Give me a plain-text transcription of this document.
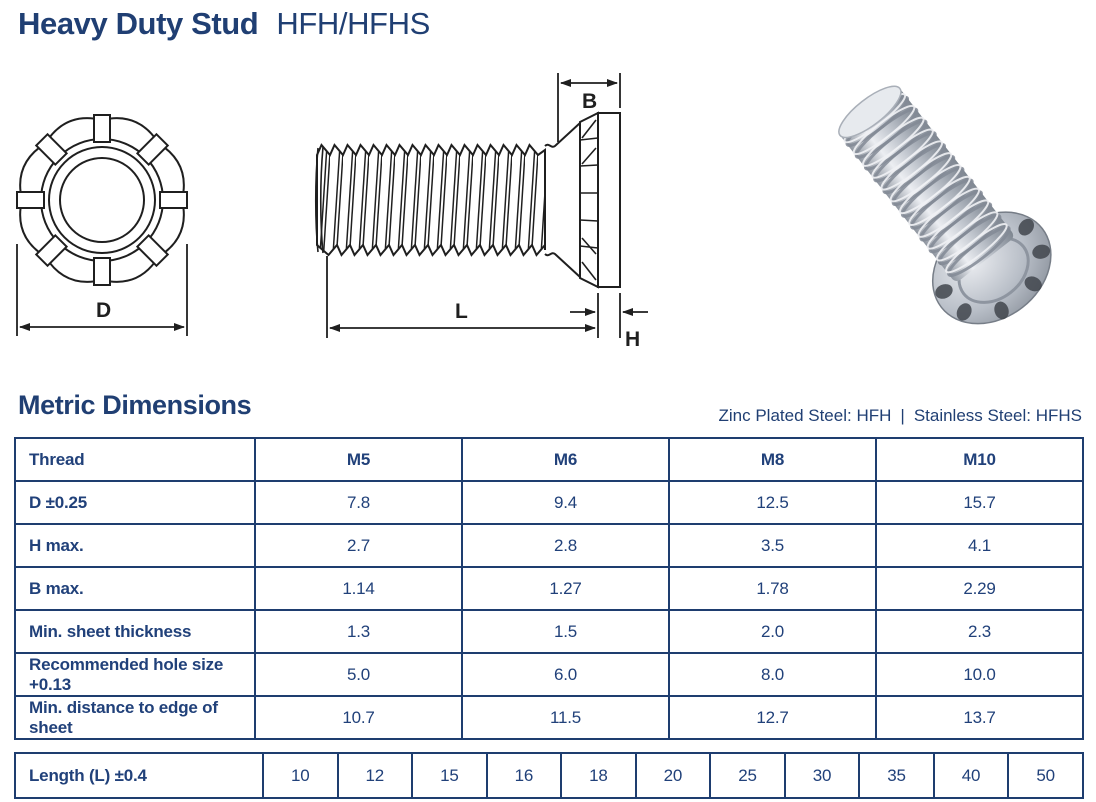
Heavy Duty Stud HFH/HFHS
D
B
L
H
Metric Dimensions	Zinc Plated Steel: HFH | Stainless Steel: HFHS
Thread	M5	M6	M8	M10
D ±0.25	7.8	9.4	12.5	15.7
H max.	2.7	2.8	3.5	4.1
B max.	1.14	1.27	1.78	2.29
Min. sheet thickness	1.3	1.5	2.0	2.3
Recommended hole size +0.13	5.0	6.0	8.0	10.0
Min. distance to edge of sheet	10.7	11.5	12.7	13.7
Length (L) ±0.4	10	12	15	16	18	20	25	30	35	40	50
